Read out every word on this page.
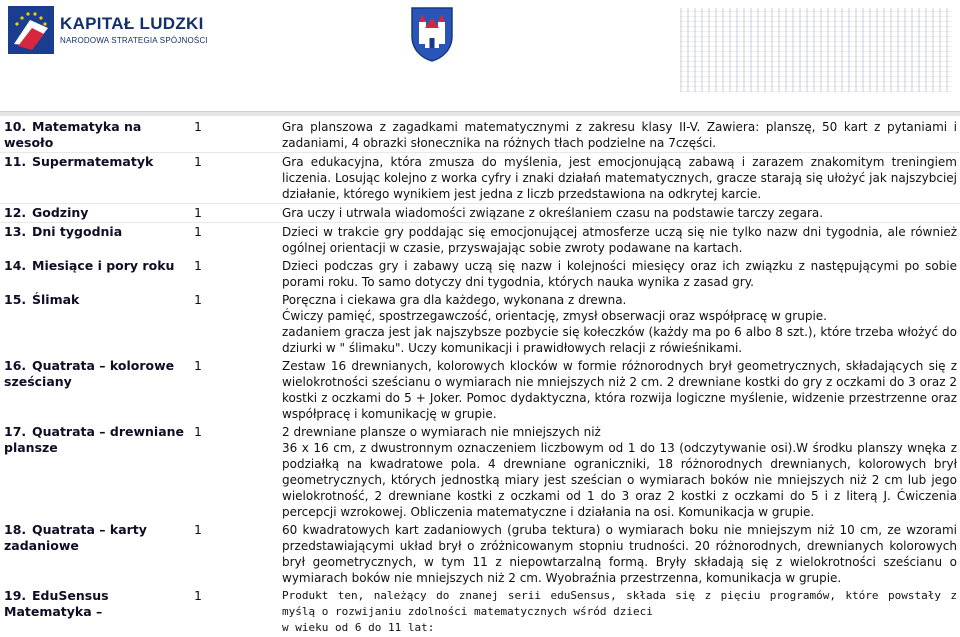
KAPITAŁ LUDZKI
NARODOWA STRATEGIA SPÓJNOŚCI
10. Matematyka na wesoło	1	Gra planszowa z zagadkami matematycznymi z zakresu klasy II-V. Zawiera: planszę, 50 kart z pytaniami i zadaniami, 4 obrazki słonecznika na różnych tłach podzielne na 7części.

11. Supermatematyk	1	Gra edukacyjna, która zmusza do myślenia, jest emocjonującą zabawą i zarazem znakomitym treningiem liczenia. Losując kolejno z worka cyfry i znaki działań matematycznych, gracze starają się ułożyć jak najszybciej działanie, którego wynikiem jest jedna z liczb przedstawiona na odkrytej karcie.

12. Godziny	1	Gra uczy i utrwala wiadomości związane z określaniem czasu na podstawie tarczy zegara.

13. Dni tygodnia	1	Dzieci w trakcie gry poddając się emocjonującej atmosferze uczą się nie tylko nazw dni tygodnia, ale również ogólnej orientacji w czasie, przyswajając sobie zwroty podawane na kartach.

14. Miesiące i pory roku	1	Dzieci podczas gry i zabawy uczą się nazw i kolejności miesięcy oraz ich związku z następującymi po sobie porami roku. To samo dotyczy dni tygodnia, których nauka wynika z zasad gry.

15. Ślimak	1	Poręczna i ciekawa gra dla każdego, wykonana z drewna.

Ćwiczy pamięć, spostrzegawczość, orientację, zmysł obserwacji oraz współpracę w grupie.

zadaniem gracza jest jak najszybsze pozbycie się kołeczków (każdy ma po 6 albo 8 szt.), które trzeba włożyć do dziurki w " ślimaku". Uczy komunikacji i prawidłowych relacji z rówieśnikami.

16. Quatrata – kolorowe sześciany	1	Zestaw 16 drewnianych, kolorowych klocków w formie różnorodnych brył geometrycznych, składających się z wielokrotności sześcianu o wymiarach nie mniejszych niż 2 cm. 2 drewniane kostki do gry z oczkami do 3 oraz 2 kostki z oczkami do 5 + Joker. Pomoc dydaktyczna, która rozwija logiczne myślenie, widzenie przestrzenne oraz współpracę i komunikację w grupie.

17. Quatrata – drewniane plansze	1	2 drewniane plansze o wymiarach nie mniejszych niż

36 x 16 cm, z dwustronnym oznaczeniem liczbowym od 1 do 13 (odczytywanie osi).W środku planszy wnęka z podziałką na kwadratowe pola. 4 drewniane ograniczniki, 18 różnorodnych drewnianych, kolorowych brył geometrycznych, których jednostką miary jest sześcian o wymiarach boków nie mniejszych niż 2 cm lub jego wielokrotność, 2 drewniane kostki z oczkami od 1 do 3 oraz 2 kostki z oczkami do 5 i z literą J. Ćwiczenia percepcji wzrokowej. Obliczenia matematyczne i działania na osi. Komunikacja w grupie.

18. Quatrata – karty zadaniowe	1	60 kwadratowych kart zadaniowych (gruba tektura) o wymiarach boku nie mniejszym niż 10 cm, ze wzorami przedstawiającymi układ brył o zróżnicowanym stopniu trudności. 20 różnorodnych, drewnianych kolorowych brył geometrycznych, w tym 11 z niepowtarzalną formą. Bryły składają się z wielokrotności sześcianu o wymiarach boków nie mniejszych niż 2 cm. Wyobraźnia przestrzenna, komunikacja w grupie.

19. EduSensus Matematyka –	1	Produkt ten, należący do znanej serii eduSensus, składa się z pięciu programów, które powstały z myślą o rozwijaniu zdolności matematycznych wśród dzieci

w wieku od 6 do 11 lat:
